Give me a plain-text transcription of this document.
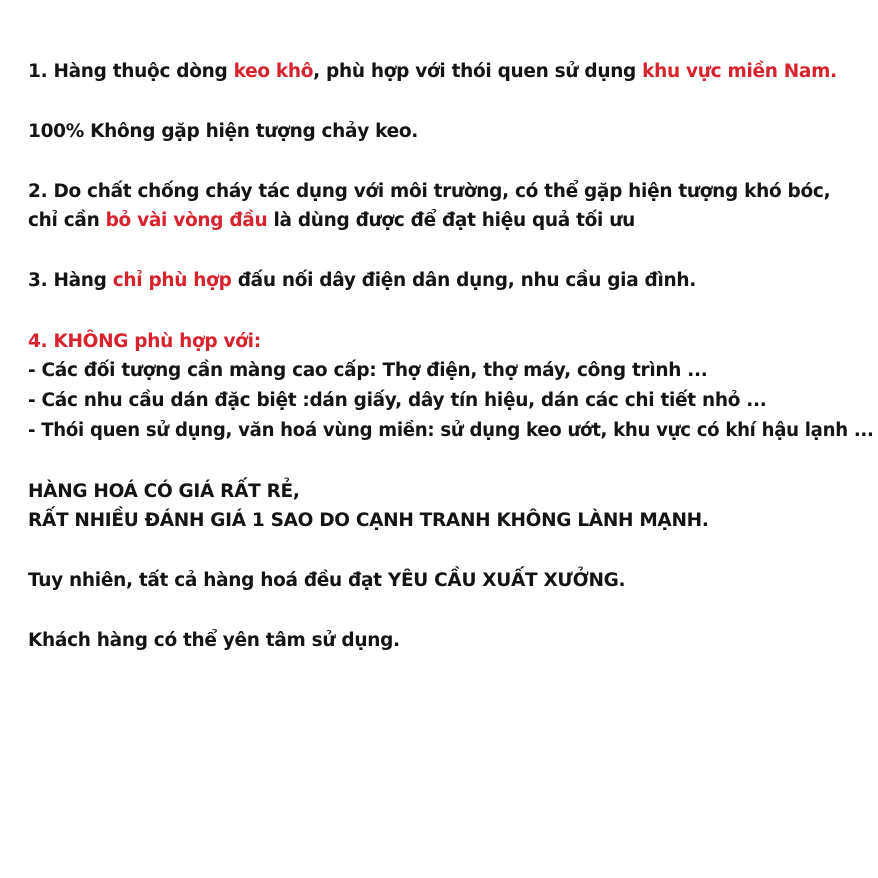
1. Hàng thuộc dòng keo khô, phù hợp với thói quen sử dụng khu vực miền Nam.
100% Không gặp hiện tượng chảy keo.
2. Do chất chống cháy tác dụng với môi trường, có thể gặp hiện tượng khó bóc,
chỉ cần bỏ vài vòng đầu là dùng được để đạt hiệu quả tối ưu
3. Hàng chỉ phù hợp đấu nối dây điện dân dụng, nhu cầu gia đình.
4. KHÔNG phù hợp với:
- Các đối tượng cần màng cao cấp: Thợ điện, thợ máy, công trình ...
- Các nhu cầu dán đặc biệt :dán giấy, dây tín hiệu, dán các chi tiết nhỏ ...
- Thói quen sử dụng, văn hoá vùng miền: sử dụng keo ướt, khu vực có khí hậu lạnh ...
HÀNG HOÁ CÓ GIÁ RẤT RẺ,
RẤT NHIỀU ĐÁNH GIÁ 1 SAO DO CẠNH TRANH KHÔNG LÀNH MẠNH.
Tuy nhiên, tất cả hàng hoá đều đạt YÊU CẦU XUẤT XƯỞNG.
Khách hàng có thể yên tâm sử dụng.
